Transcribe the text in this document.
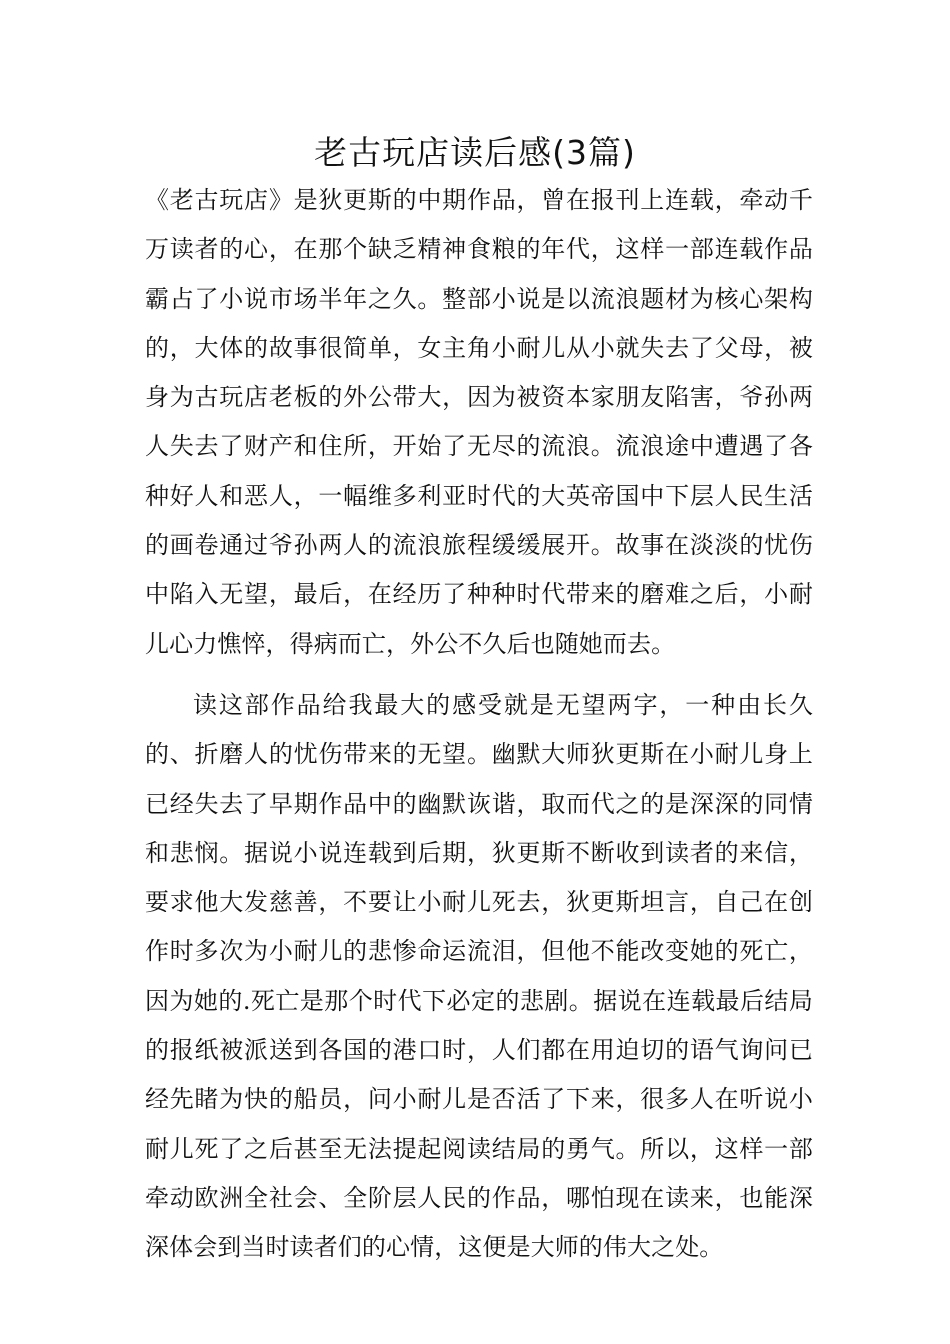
老古玩店读后感(3篇)

《老古玩店》是狄更斯的中期作品，曾在报刊上连载，牵动千万读者的心，在那个缺乏精神食粮的年代，这样一部连载作品霸占了小说市场半年之久。整部小说是以流浪题材为核心架构的，大体的故事很简单，女主角小耐儿从小就失去了父母，被身为古玩店老板的外公带大，因为被资本家朋友陷害，爷孙两人失去了财产和住所，开始了无尽的流浪。流浪途中遭遇了各种好人和恶人，一幅维多利亚时代的大英帝国中下层人民生活的画卷通过爷孙两人的流浪旅程缓缓展开。故事在淡淡的忧伤中陷入无望，最后，在经历了种种时代带来的磨难之后，小耐儿心力憔悴，得病而亡，外公不久后也随她而去。

读这部作品给我最大的感受就是无望两字，一种由长久的、折磨人的忧伤带来的无望。幽默大师狄更斯在小耐儿身上已经失去了早期作品中的幽默诙谐，取而代之的是深深的同情和悲悯。据说小说连载到后期，狄更斯不断收到读者的来信，要求他大发慈善，不要让小耐儿死去，狄更斯坦言，自己在创作时多次为小耐儿的悲惨命运流泪，但他不能改变她的死亡，因为她的.死亡是那个时代下必定的悲剧。据说在连载最后结局的报纸被派送到各国的港口时，人们都在用迫切的语气询问已经先睹为快的船员，问小耐儿是否活了下来，很多人在听说小耐儿死了之后甚至无法提起阅读结局的勇气。所以，这样一部牵动欧洲全社会、全阶层人民的作品，哪怕现在读来，也能深深体会到当时读者们的心情，这便是大师的伟大之处。
